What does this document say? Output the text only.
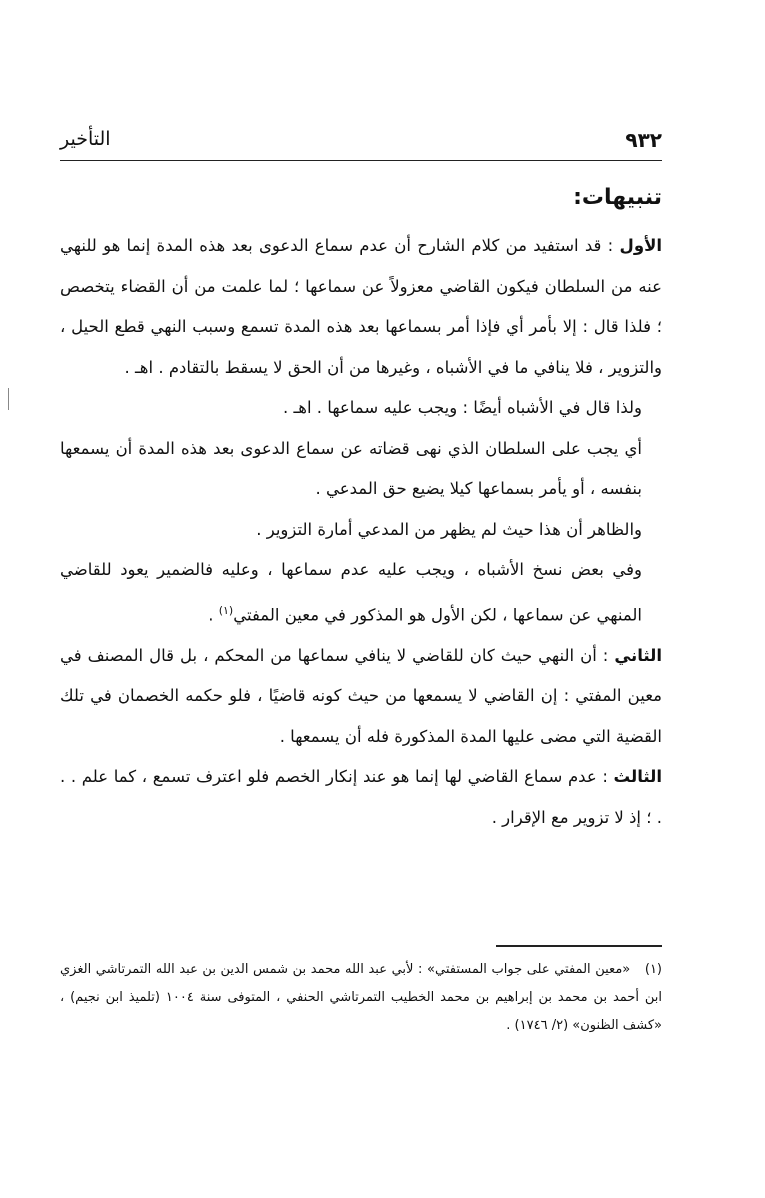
٩٣٢
التأخير

تنبيهات:

الأول : قد استفيد من كلام الشارح أن عدم سماع الدعوى بعد هذه المدة إنما هو للنهي عنه من السلطان فيكون القاضي معزولاً عن سماعها ؛ لما علمت من أن القضاء يتخصص ؛ فلذا قال : إلا بأمر أي فإذا أمر بسماعها بعد هذه المدة تسمع وسبب النهي قطع الحيل ، والتزوير ، فلا ينافي ما في الأشباه ، وغيرها من أن الحق لا يسقط بالتقادم . اهـ .

ولذا قال في الأشباه أيضًا : ويجب عليه سماعها . اهـ .

أي يجب على السلطان الذي نهى قضاته عن سماع الدعوى بعد هذه المدة أن يسمعها بنفسه ، أو يأمر بسماعها كيلا يضيع حق المدعي .

والظاهر أن هذا حيث لم يظهر من المدعي أمارة التزوير .

وفي بعض نسخ الأشباه ، ويجب عليه عدم سماعها ، وعليه فالضمير يعود للقاضي المنهي عن سماعها ، لكن الأول هو المذكور في معين المفتي$^{(١)}$ .

الثاني : أن النهي حيث كان للقاضي لا ينافي سماعها من المحكم ، بل قال المصنف في معين المفتي : إن القاضي لا يسمعها من حيث كونه قاضيًا ، فلو حكمه الخصمان في تلك القضية التي مضى عليها المدة المذكورة فله أن يسمعها .

الثالث : عدم سماع القاضي لها إنما هو عند إنكار الخصم فلو اعترف تسمع ، كما علم . . . ؛ إذ لا تزوير مع الإقرار .

(١) «معين المفتي على جواب المستفتي» : لأبي عبد الله محمد بن شمس الدين بن عبد الله التمرتاشي الغزي ابن أحمد بن محمد بن إبراهيم بن محمد الخطيب التمرتاشي الحنفي ، المتوفى سنة ١٠٠٤ (تلميذ ابن نجيم) ، «كشف الظنون» (٢/ ١٧٤٦) .
